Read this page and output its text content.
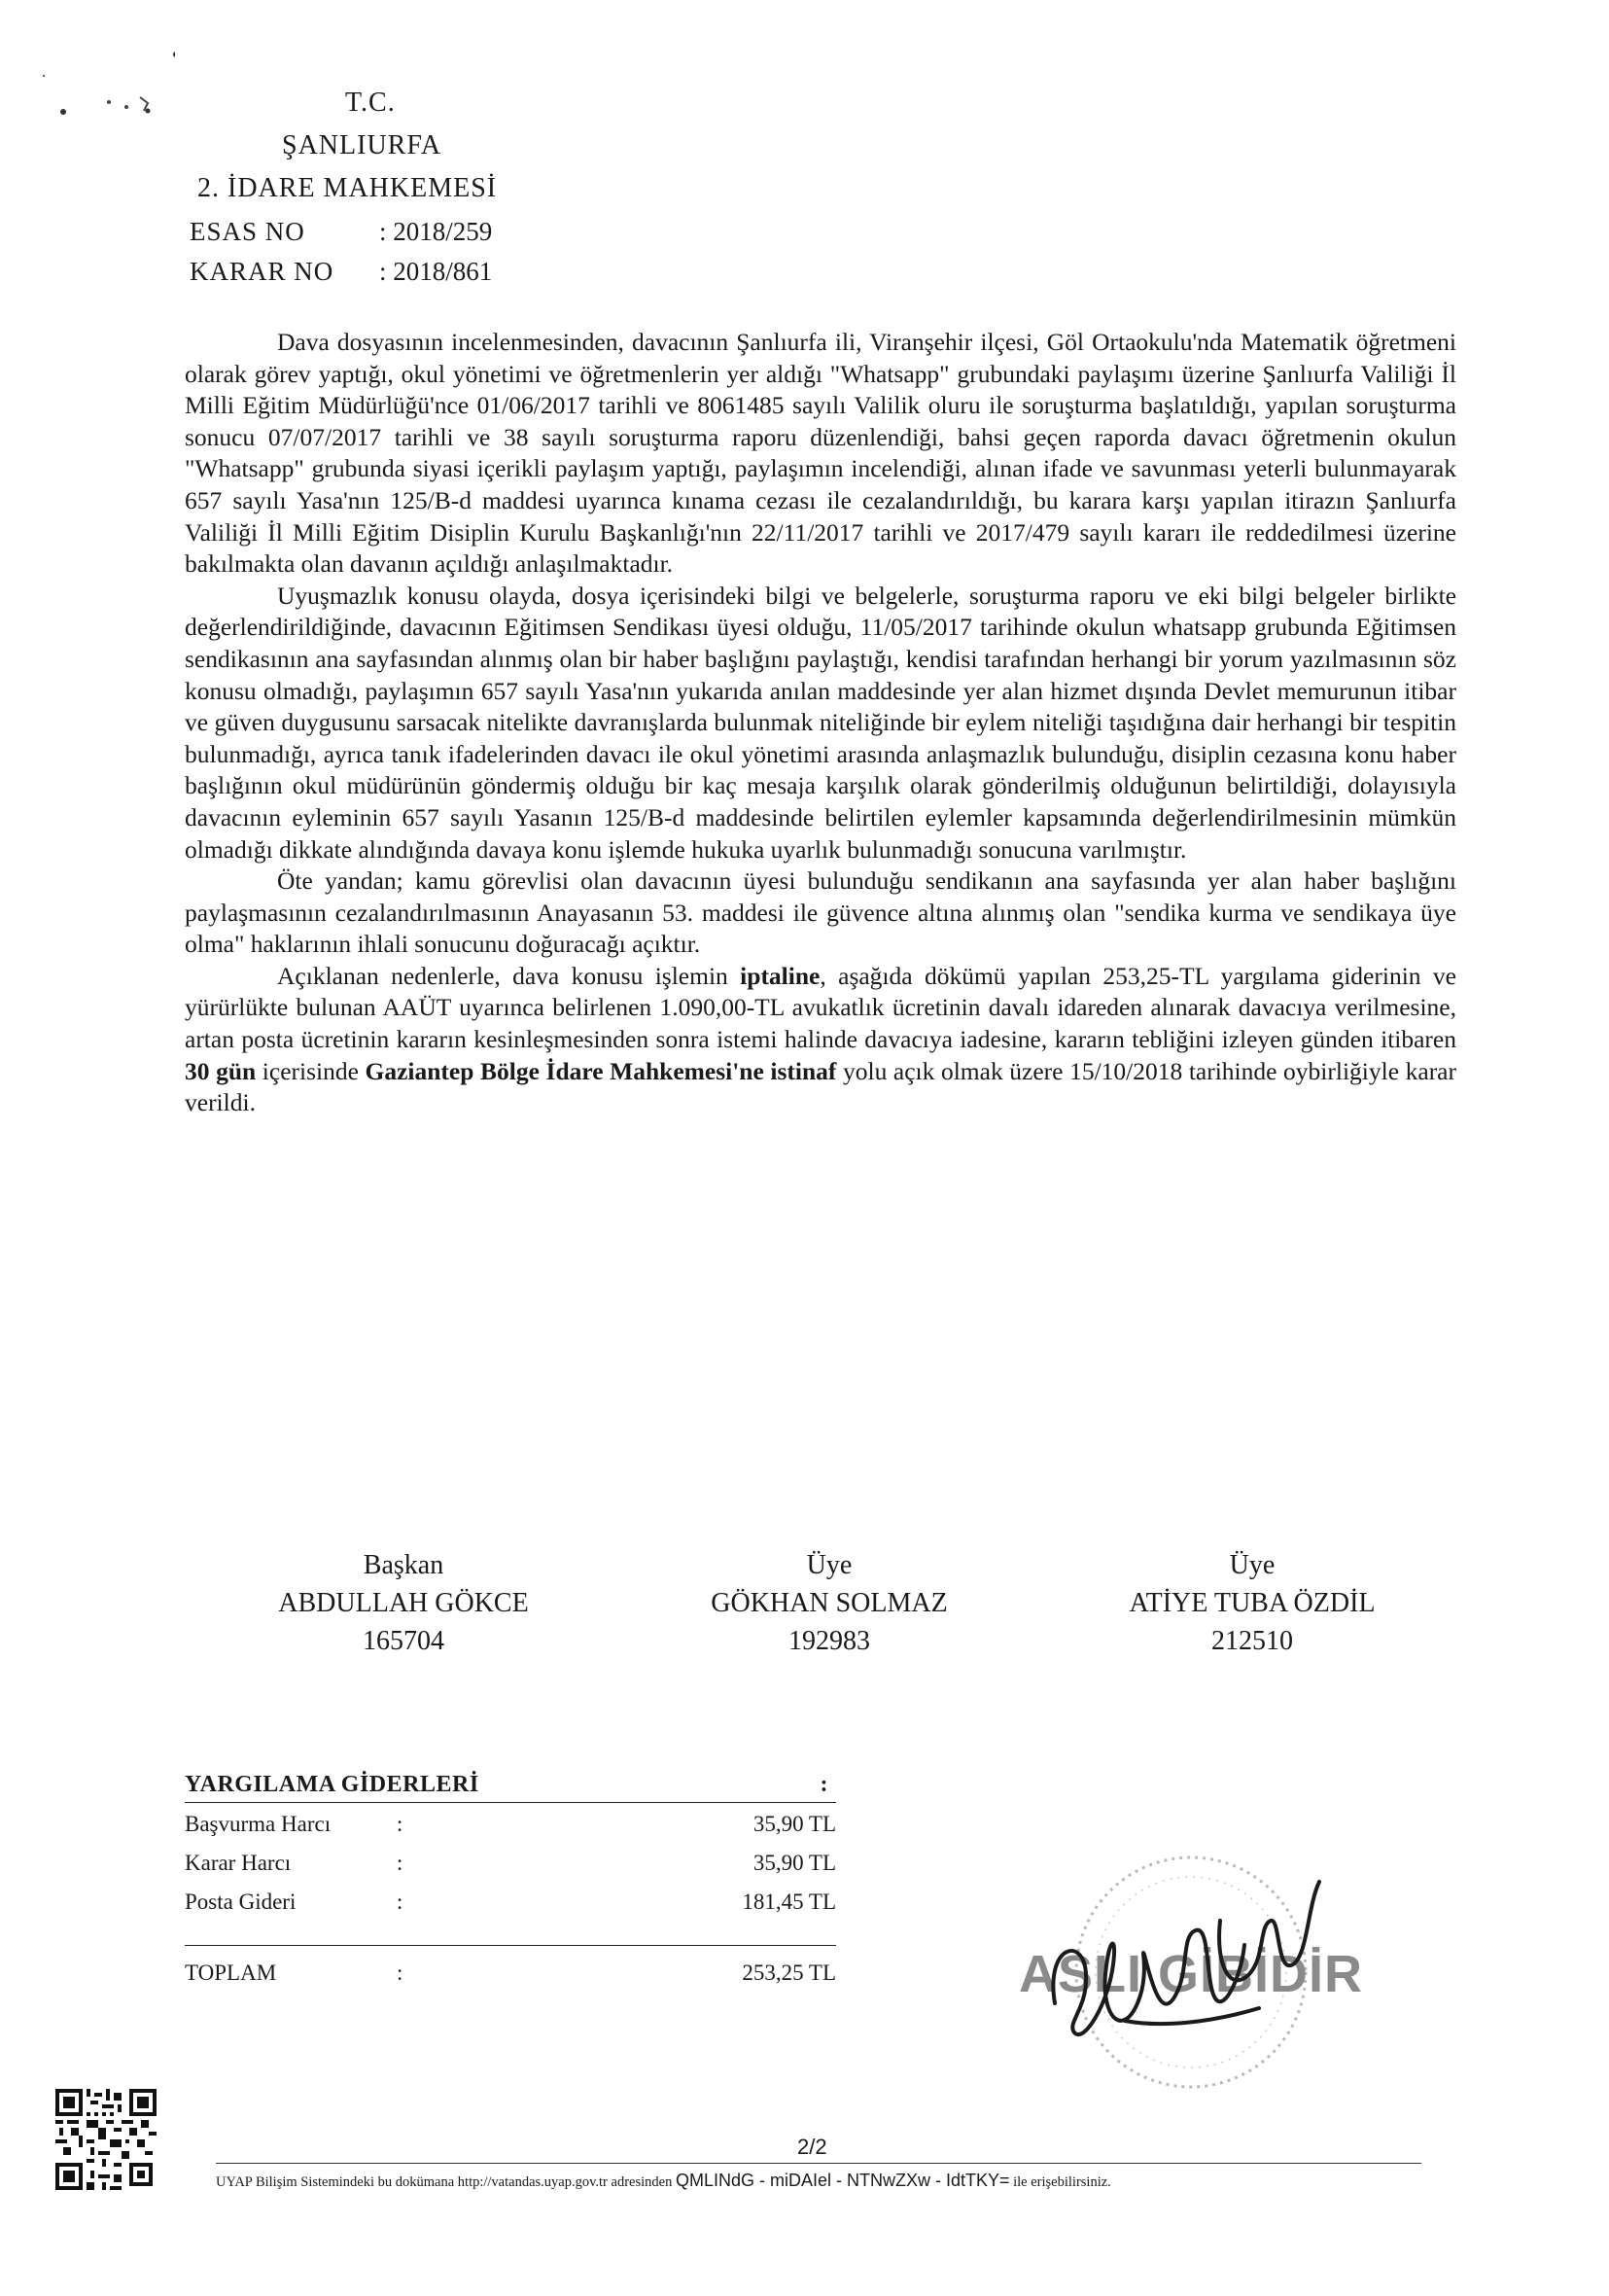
T.C.
ŞANLIURFA
2. İDARE MAHKEMESİ
ESAS NO	: 2018/259
KARAR NO : 2018/861

Dava dosyasının incelenmesinden, davacının Şanlıurfa ili, Viranşehir ilçesi, Göl Ortaokulu'nda Matematik öğretmeni olarak görev yaptığı, okul yönetimi ve öğretmenlerin yer aldığı "Whatsapp" grubundaki paylaşımı üzerine Şanlıurfa Valiliği İl Milli Eğitim Müdürlüğü'nce 01/06/2017 tarihli ve 8061485 sayılı Valilik oluru ile soruşturma başlatıldığı, yapılan soruşturma sonucu 07/07/2017 tarihli ve 38 sayılı soruşturma raporu düzenlendiği, bahsi geçen raporda davacı öğretmenin okulun "Whatsapp" grubunda siyasi içerikli paylaşım yaptığı, paylaşımın incelendiği, alınan ifade ve savunması yeterli bulunmayarak 657 sayılı Yasa'nın 125/B-d maddesi uyarınca kınama cezası ile cezalandırıldığı, bu karara karşı yapılan itirazın Şanlıurfa Valiliği İl Milli Eğitim Disiplin Kurulu Başkanlığı'nın 22/11/2017 tarihli ve 2017/479 sayılı kararı ile reddedilmesi üzerine bakılmakta olan davanın açıldığı anlaşılmaktadır.

Uyuşmazlık konusu olayda, dosya içerisindeki bilgi ve belgelerle, soruşturma raporu ve eki bilgi belgeler birlikte değerlendirildiğinde, davacının Eğitimsen Sendikası üyesi olduğu, 11/05/2017 tarihinde okulun whatsapp grubunda Eğitimsen sendikasının ana sayfasından alınmış olan bir haber başlığını paylaştığı, kendisi tarafından herhangi bir yorum yazılmasının söz konusu olmadığı, paylaşımın 657 sayılı Yasa'nın yukarıda anılan maddesinde yer alan hizmet dışında Devlet memurunun itibar ve güven duygusunu sarsacak nitelikte davranışlarda bulunmak niteliğinde bir eylem niteliği taşıdığına dair herhangi bir tespitin bulunmadığı, ayrıca tanık ifadelerinden davacı ile okul yönetimi arasında anlaşmazlık bulunduğu, disiplin cezasına konu haber başlığının okul müdürünün göndermiş olduğu bir kaç mesaja karşılık olarak gönderilmiş olduğunun belirtildiği, dolayısıyla davacının eyleminin 657 sayılı Yasanın 125/B-d maddesinde belirtilen eylemler kapsamında değerlendirilmesinin mümkün olmadığı dikkate alındığında davaya konu işlemde hukuka uyarlık bulunmadığı sonucuna varılmıştır.

Öte yandan; kamu görevlisi olan davacının üyesi bulunduğu sendikanın ana sayfasında yer alan haber başlığını paylaşmasının cezalandırılmasının Anayasanın 53. maddesi ile güvence altına alınmış olan "sendika kurma ve sendikaya üye olma" haklarının ihlali sonucunu doğuracağı açıktır.

Açıklanan nedenlerle, dava konusu işlemin iptaline, aşağıda dökümü yapılan 253,25-TL yargılama giderinin ve yürürlükte bulunan AAÜT uyarınca belirlenen 1.090,00-TL avukatlık ücretinin davalı idareden alınarak davacıya verilmesine, artan posta ücretinin kararın kesinleşmesinden sonra istemi halinde davacıya iadesine, kararın tebliğini izleyen günden itibaren 30 gün içerisinde Gaziantep Bölge İdare Mahkemesi'ne istinaf yolu açık olmak üzere 15/10/2018 tarihinde oybirliğiyle karar verildi.

Başkan
ABDULLAH GÖKCE
165704
Üye
GÖKHAN SOLMAZ
192983
Üye
ATİYE TUBA ÖZDİL
212510
YARGILAMA GİDERLERİ	:
Başvurma Harcı	:	35,90 TL
Karar Harcı	:	35,90 TL
Posta Gideri	:	181,45 TL
TOPLAM	:	253,25 TL	ASLI GİBİDİR
2/2
UYAP Bilişim Sistemindeki bu dokümana http://vatandas.uyap.gov.tr adresinden QMLINdG - miDAIel - NTNwZXw - IdtTKY= ile erişebilirsiniz.
